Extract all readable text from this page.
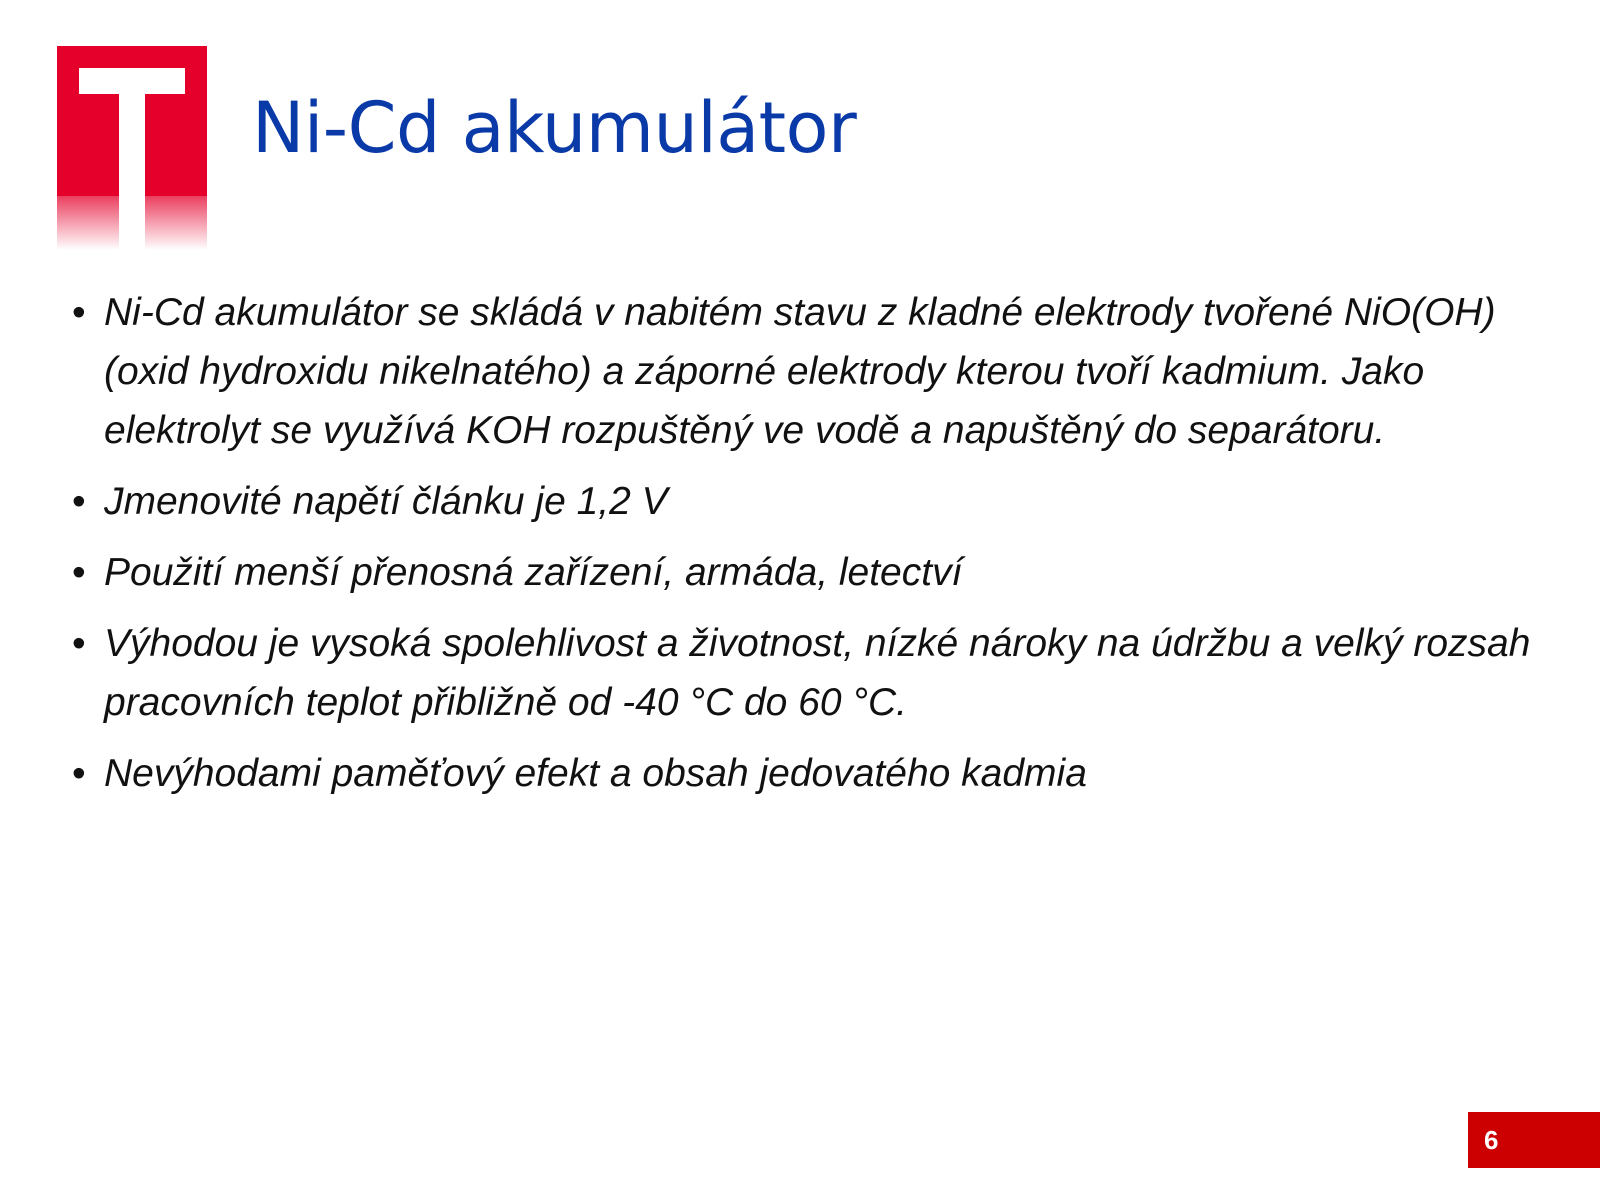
Ni-Cd akumulátor
• Ni-Cd akumulátor se skládá v nabitém stavu z kladné elektrody tvořené NiO(OH) (oxid hydroxidu nikelnatého) a záporné elektrody kterou tvoří kadmium. Jako elektrolyt se využívá KOH rozpuštěný ve vodě a napuštěný do separátoru.
• Jmenovité napětí článku je 1,2 V
• Použití menší přenosná zařízení, armáda, letectví
• Výhodou je vysoká spolehlivost a životnost, nízké nároky na údržbu a velký rozsah pracovních teplot přibližně od -40 °C do 60 °C.
• Nevýhodami paměťový efekt a obsah jedovatého kadmia
6
